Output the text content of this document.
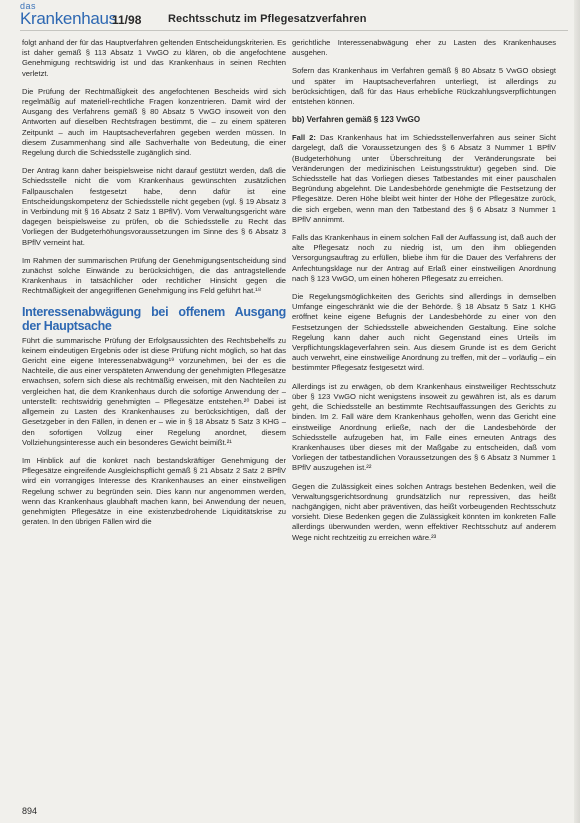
das
Krankenhaus
11/98 Rechtsschutz im Pflegesatzverfahren

folgt anhand der für das Hauptverfahren geltenden Entscheidungskriterien. Es ist daher gemäß § 113 Absatz 1 VwGO zu klären, ob die angefochtene Genehmigung rechtswidrig ist und das Krankenhaus in seinen Rechten verletzt.

Die Prüfung der Rechtmäßigkeit des angefochtenen Bescheids wird sich regelmäßig auf materiell-rechtliche Fragen konzentrieren. Damit wird der Ausgang des Verfahrens gemäß § 80 Absatz 5 VwGO insoweit von den Antworten auf dieselben Rechtsfragen bestimmt, die – zu einem späteren Zeitpunkt – auch im Hauptsacheverfahren gegeben werden müssen. In diesem Zusammenhang sind alle Sachverhalte von Bedeutung, die einer Regelung durch die Schiedsstelle zugänglich sind.

Der Antrag kann daher beispielsweise nicht darauf gestützt werden, daß die Schiedsstelle nicht die vom Krankenhaus gewünschten zusätzlichen Fallpauschalen festgesetzt habe, denn dafür ist eine Entscheidungskompetenz der Schiedsstelle nicht gegeben (vgl. § 19 Absatz 3 in Verbindung mit § 16 Absatz 2 Satz 1 BPflV). Vom Verwaltungsgericht wäre dagegen beispielsweise zu prüfen, ob die Schiedsstelle zu Recht das Vorliegen der Budgeterhöhungsvoraussetzungen im Sinne des § 6 Absatz 3 BPflV verneint hat.

Im Rahmen der summarischen Prüfung der Genehmigungsentscheidung sind zunächst solche Einwände zu berücksichtigen, die das antragstellende Krankenhaus in tatsächlicher oder rechtlicher Hinsicht gegen die Rechtmäßigkeit der angegriffenen Genehmigung ins Feld geführt hat.¹⁸

Interessenabwägung bei offenem Ausgang der Hauptsache

Führt die summarische Prüfung der Erfolgsaussichten des Rechtsbehelfs zu keinem eindeutigen Ergebnis oder ist diese Prüfung nicht möglich, so hat das Gericht eine eigene Interessenabwägung¹⁹ vorzunehmen, bei der es die Nachteile, die aus einer verspäteten Anwendung der genehmigten Pflegesätze erwachsen, sofern sich diese als rechtmäßig erweisen, mit den Nachteilen zu vergleichen hat, die dem Krankenhaus durch die sofortige Anwendung der – unterstellt: rechtswidrig genehmigten – Pflegesätze entstehen.²⁰ Dabei ist allgemein zu Lasten des Krankenhauses zu berücksichtigen, daß der Gesetzgeber in den Fällen, in denen er – wie in § 18 Absatz 5 Satz 3 KHG – den sofortigen Vollzug einer Regelung anordnet, diesem Vollziehungsinteresse auch ein besonderes Gewicht beimißt.²¹

Im Hinblick auf die konkret nach bestandskräftiger Genehmigung der Pflegesätze eingreifende Ausgleichspflicht gemäß § 21 Absatz 2 Satz 2 BPflV wird ein vorrangiges Interesse des Krankenhauses an einer einstweiligen Regelung schwer zu begründen sein. Dies kann nur angenommen werden, wenn das Krankenhaus glaubhaft machen kann, bei Anwendung der neuen, genehmigten Pflegesätze in eine existenzbedrohende Liquiditätskrise zu geraten. In den übrigen Fällen wird die

gerichtliche Interessenabwägung eher zu Lasten des Krankenhauses ausgehen.

Sofern das Krankenhaus im Verfahren gemäß § 80 Absatz 5 VwGO obsiegt und später im Hauptsacheverfahren unterliegt, ist allerdings zu berücksichtigen, daß für das Haus erhebliche Rückzahlungsverpflichtungen entstehen können.

bb) Verfahren gemäß § 123 VwGO

Fall 2: Das Krankenhaus hat im Schiedsstellenverfahren aus seiner Sicht dargelegt, daß die Voraussetzungen des § 6 Absatz 3 Nummer 1 BPflV (Budgeterhöhung unter Überschreitung der Veränderungsrate bei Veränderungen der medizinischen Leistungsstruktur) gegeben sind. Die Schiedsstelle hat das Vorliegen dieses Tatbestandes mit einer pauschalen Begründung abgelehnt. Die Landesbehörde genehmigte die Festsetzung der Pflegesätze. Deren Höhe bleibt weit hinter der Höhe der Pflegesätze zurück, die sich ergeben, wenn man den Tatbestand des § 6 Absatz 3 Nummer 1 BPflV annimmt.

Falls das Krankenhaus in einem solchen Fall der Auffassung ist, daß auch der alte Pflegesatz noch zu niedrig ist, um den ihm obliegenden Versorgungsauftrag zu erfüllen, bliebe ihm für die Dauer des Verfahrens der Anfechtungsklage nur der Antrag auf Erlaß einer einstweiligen Anordnung nach § 123 VwGO, um einen höheren Pflegesatz zu erreichen.

Die Regelungsmöglichkeiten des Gerichts sind allerdings in demselben Umfange eingeschränkt wie die der Behörde. § 18 Absatz 5 Satz 1 KHG eröffnet keine eigene Befugnis der Landesbehörde zu einer von den Festsetzungen der Schiedsstelle abweichenden Gestaltung. Eine solche Regelung kann daher auch nicht Gegenstand eines Urteils im Verpflichtungsklageverfahren sein. Aus diesem Grunde ist es dem Gericht auch verwehrt, eine einstweilige Anordnung zu treffen, mit der – vorläufig – ein bestimmter Pflegesatz festgesetzt wird.

Allerdings ist zu erwägen, ob dem Krankenhaus einstweiliger Rechtsschutz über § 123 VwGO nicht wenigstens insoweit zu gewähren ist, als es darum geht, die Schiedsstelle an bestimmte Rechtsauffassungen des Gerichts zu binden. Im 2. Fall wäre dem Krankenhaus geholfen, wenn das Gericht eine einstweilige Anordnung erließe, nach der die Landesbehörde der Schiedsstelle aufzugeben hat, im Falle eines erneuten Antrags des Krankenhauses über dieses mit der Maßgabe zu entscheiden, daß vom Vorliegen der tatbestandlichen Voraussetzungen des § 6 Absatz 3 Nummer 1 BPflV auszugehen ist.²²

Gegen die Zulässigkeit eines solchen Antrags bestehen Bedenken, weil die Verwaltungsgerichtsordnung grundsätzlich nur repressiven, das heißt nachgängigen, nicht aber präventiven, das heißt vorbeugenden Rechtsschutz vorsieht. Diese Bedenken gegen die Zulässigkeit könnten im konkreten Falle allerdings überwunden werden, wenn effektiver Rechtsschutz auf anderem Wege nicht rechtzeitig zu erreichen wäre.²³

894
